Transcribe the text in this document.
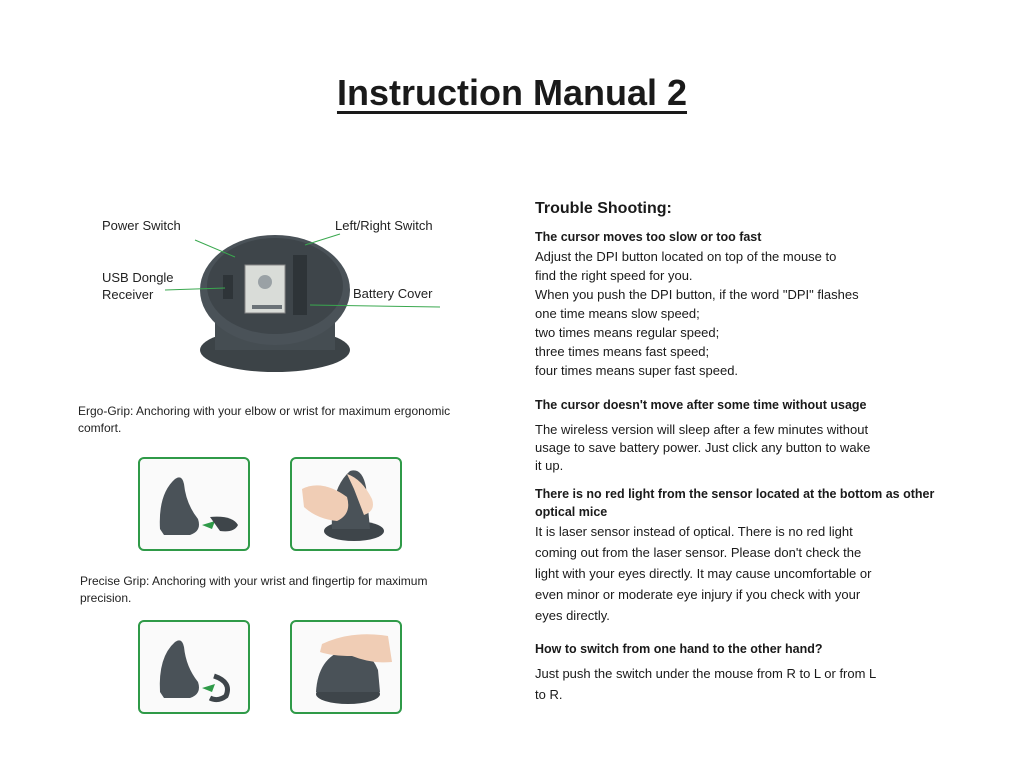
Instruction Manual 2
Power Switch	Left/Right Switch
USB Dongle
Receiver	Battery Cover
Ergo-Grip: Anchoring with your elbow or wrist for maximum ergonomic
comfort.
Precise Grip: Anchoring with your wrist and fingertip for maximum
precision.
Trouble Shooting:
The cursor moves too slow or too fast
Adjust the DPI button located on top of the mouse to
find the right speed for you.
When you push the DPI button, if the word "DPI" flashes
one time means slow speed;
two times means regular speed;
three times means fast speed;
four times means super fast speed.
The cursor doesn't move after some time without usage
The wireless version will sleep after a few minutes without
usage to save battery power. Just click any button to wake
it up.
There is no red light from the sensor located at the bottom as other optical mice
It is laser sensor instead of optical. There is no red light
coming out from the laser sensor. Please don't check the
light with your eyes directly. It may cause uncomfortable or
even minor or moderate eye injury if you check with your
eyes directly.
How to switch from one hand to the other hand?
Just push the switch under the mouse from R to L or from L
to R.
